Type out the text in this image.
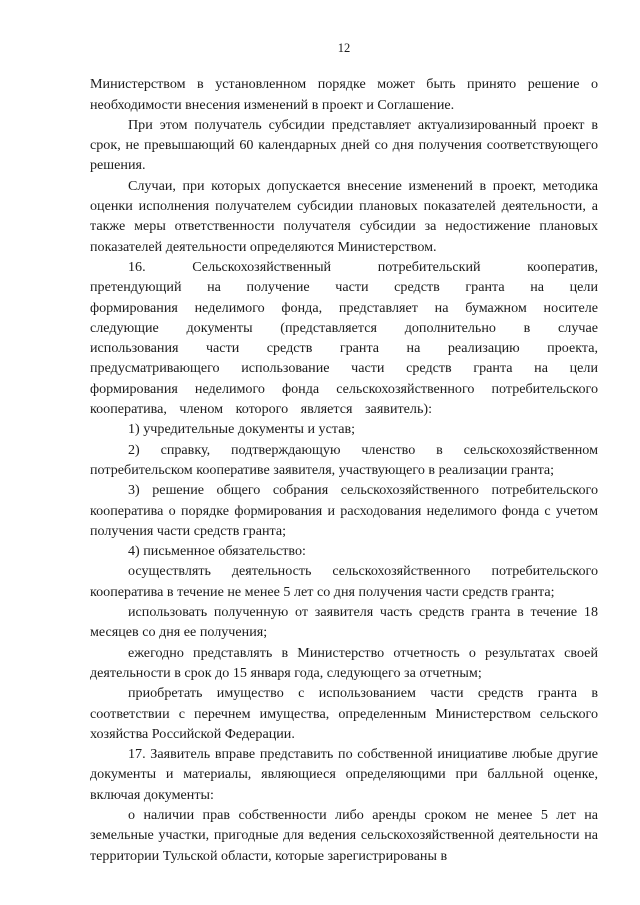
12

Министерством в установленном порядке может быть принято решение о необходимости внесения изменений в проект и Соглашение.

При этом получатель субсидии представляет актуализированный проект в срок, не превышающий 60 календарных дней со дня получения соответствующего решения.

Случаи, при которых допускается внесение изменений в проект, методика оценки исполнения получателем субсидии плановых показателей деятельности, а также меры ответственности получателя субсидии за недостижение плановых показателей деятельности определяются Министерством.

16. Сельскохозяйственный потребительский кооператив, претендующий на получение части средств гранта на цели формирования неделимого фонда, представляет на бумажном носителе следующие документы (представляется дополнительно в случае использования части средств гранта на реализацию проекта, предусматривающего использование части средств гранта на цели формирования неделимого фонда сельскохозяйственного потребительского кооператива, членом которого является заявитель):

1) учредительные документы и устав;

2) справку, подтверждающую членство в сельскохозяйственном потребительском кооперативе заявителя, участвующего в реализации гранта;

3) решение общего собрания сельскохозяйственного потребительского кооператива о порядке формирования и расходования неделимого фонда с учетом получения части средств гранта;

4) письменное обязательство:

осуществлять деятельность сельскохозяйственного потребительского кооператива в течение не менее 5 лет со дня получения части средств гранта;

использовать полученную от заявителя часть средств гранта в течение 18 месяцев со дня ее получения;

ежегодно представлять в Министерство отчетность о результатах своей деятельности в срок до 15 января года, следующего за отчетным;

приобретать имущество с использованием части средств гранта в соответствии с перечнем имущества, определенным Министерством сельского хозяйства Российской Федерации.

17. Заявитель вправе представить по собственной инициативе любые другие документы и материалы, являющиеся определяющими при балльной оценке, включая документы:

о наличии прав собственности либо аренды сроком не менее 5 лет на земельные участки, пригодные для ведения сельскохозяйственной деятельности на территории Тульской области, которые зарегистрированы в
